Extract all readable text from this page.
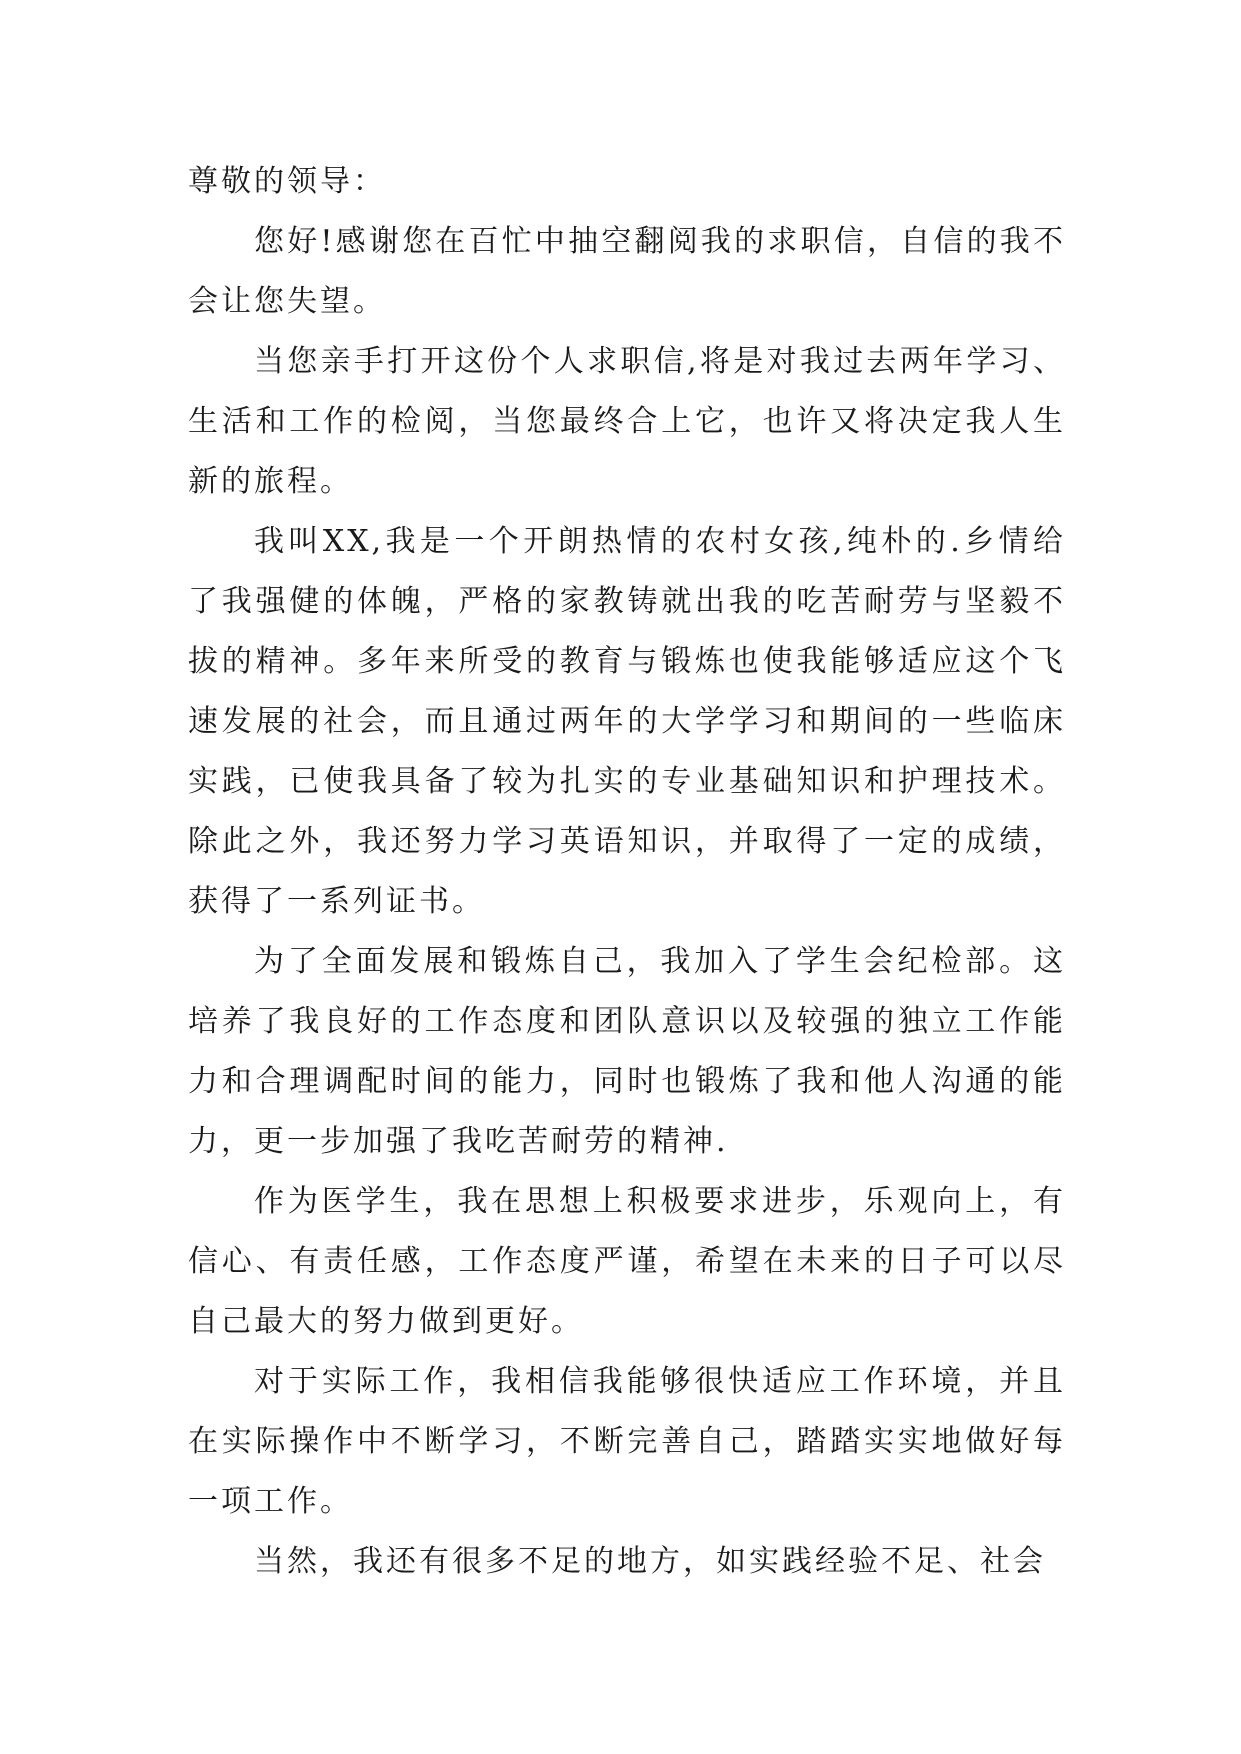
尊敬的领导：

您好!感谢您在百忙中抽空翻阅我的求职信，自信的我不会让您失望。

当您亲手打开这份个人求职信,将是对我过去两年学习、生活和工作的检阅，当您最终合上它，也许又将决定我人生新的旅程。

我叫XX,我是一个开朗热情的农村女孩,纯朴的.乡情给了我强健的体魄，严格的家教铸就出我的吃苦耐劳与坚毅不拔的精神。多年来所受的教育与锻炼也使我能够适应这个飞速发展的社会，而且通过两年的大学学习和期间的一些临床实践，已使我具备了较为扎实的专业基础知识和护理技术。除此之外，我还努力学习英语知识，并取得了一定的成绩，获得了一系列证书。

为了全面发展和锻炼自己，我加入了学生会纪检部。这培养了我良好的工作态度和团队意识以及较强的独立工作能力和合理调配时间的能力，同时也锻炼了我和他人沟通的能力，更一步加强了我吃苦耐劳的精神.

作为医学生，我在思想上积极要求进步，乐观向上，有信心、有责任感，工作态度严谨，希望在未来的日子可以尽自己最大的努力做到更好。

对于实际工作，我相信我能够很快适应工作环境，并且在实际操作中不断学习，不断完善自己，踏踏实实地做好每一项工作。

当然，我还有很多不足的地方，如实践经验不足、社会
